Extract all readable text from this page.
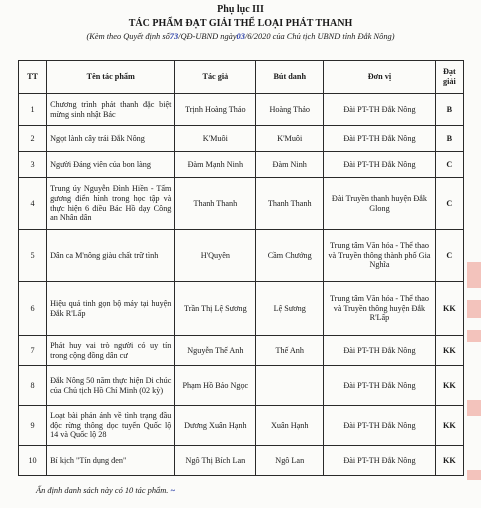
Phụ lục III
TÁC PHẨM ĐẠT GIẢI THỂ LOẠI PHÁT THANH
(Kèm theo Quyết định số73/QĐ-UBND ngày03/6/2020 của Chủ tịch UBND tỉnh Đắk Nông)
TT	Tên tác phẩm	Tác giả	Bút danh	Đơn vị	Đạt giải
1	Chương trình phát thanh đặc biệt mừng sinh nhật Bác	Trịnh Hoàng Thảo	Hoàng Thảo	Đài PT-TH Đắk Nông	B
2	Ngọt lành cây trái Đắk Nông	K'Muôi	K'Muôi	Đài PT-TH Đắk Nông	B
3	Người Đảng viên của bon làng	Đàm Mạnh Ninh	Đàm Ninh	Đài PT-TH Đắk Nông	C
4	Trung úy Nguyễn Đình Hiền - Tấm gương điển hình trong học tập và thực hiện 6 điều Bác Hồ dạy Công an Nhân dân	Thanh Thanh	Thanh Thanh	Đài Truyền thanh huyện Đắk Glong	C
5	Dân ca M'nông giàu chất trữ tình	H'Quyên	Cầm Chướng	Trung tâm Văn hóa - Thể thao và Truyền thông thành phố Gia Nghĩa	C
6	Hiệu quả tinh gọn bộ máy tại huyện Đắk R'Lấp	Trần Thị Lệ Sương	Lệ Sương	Trung tâm Văn hóa - Thể thao và Truyền thông huyện Đắk R'Lấp	KK
7	Phát huy vai trò người có uy tín trong cộng đồng dân cư	Nguyễn Thế Anh	Thế Anh	Đài PT-TH Đắk Nông	KK
8	Đắk Nông 50 năm thực hiện Di chúc của Chủ tịch Hồ Chí Minh (02 kỳ)	Phạm Hồ Bảo Ngọc		Đài PT-TH Đắk Nông	KK
9	Loạt bài phản ánh về tình trạng đầu độc rừng thông dọc tuyến Quốc lộ 14 và Quốc lộ 28	Dương Xuân Hạnh	Xuân Hạnh	Đài PT-TH Đắk Nông	KK
10	Bí kịch "Tín dụng đen"	Ngô Thị Bích Lan	Ngô Lan	Đài PT-TH Đắk Nông	KK
Ấn định danh sách này có 10 tác phẩm. ~
